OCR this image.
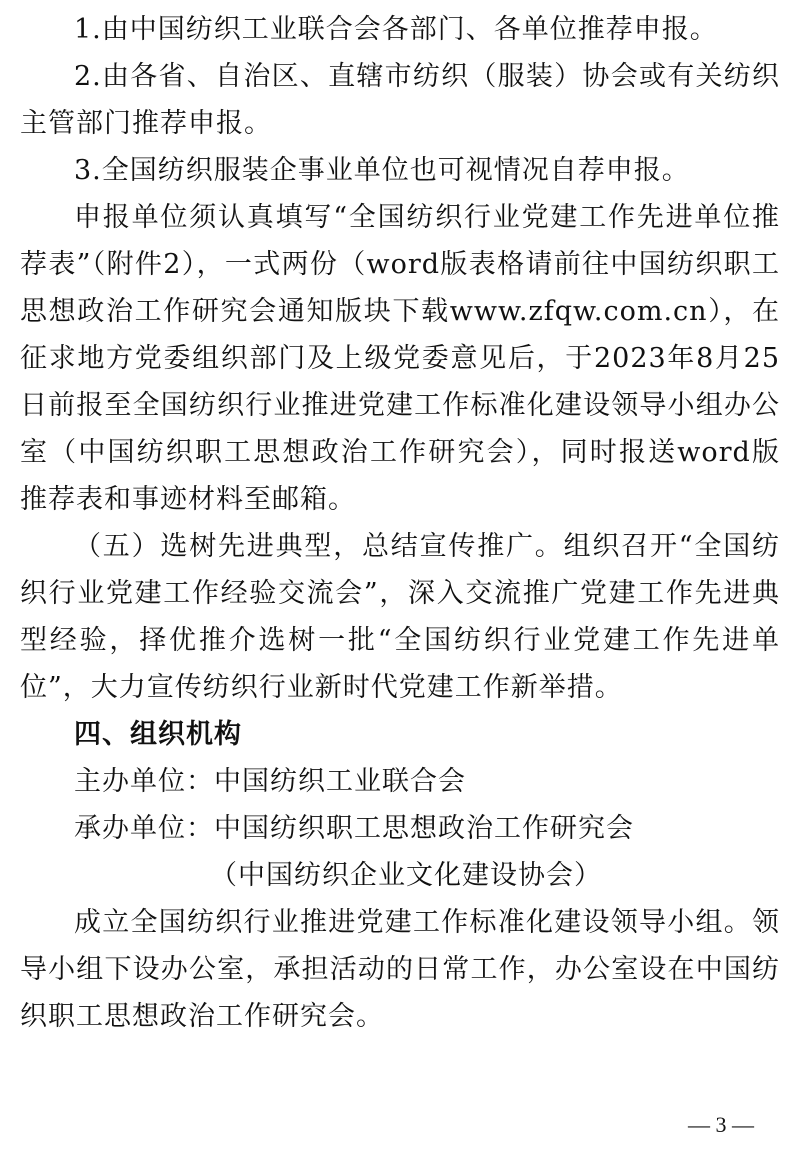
1.由中国纺织工业联合会各部门、各单位推荐申报。

2.由各省、自治区、直辖市纺织（服装）协会或有关纺织主管部门推荐申报。

3.全国纺织服装企事业单位也可视情况自荐申报。

申报单位须认真填写“全国纺织行业党建工作先进单位推荐表”（附件2），一式两份（word版表格请前往中国纺织职工思想政治工作研究会通知版块下载www.zfqw.com.cn），在征求地方党委组织部门及上级党委意见后，于2023年8月25日前报至全国纺织行业推进党建工作标准化建设领导小组办公室（中国纺织职工思想政治工作研究会），同时报送word版推荐表和事迹材料至邮箱。

（五）选树先进典型，总结宣传推广。组织召开“全国纺织行业党建工作经验交流会”，深入交流推广党建工作先进典型经验，择优推介选树一批“全国纺织行业党建工作先进单位”，大力宣传纺织行业新时代党建工作新举措。

四、组织机构

主办单位：中国纺织工业联合会

承办单位：中国纺织职工思想政治工作研究会

（中国纺织企业文化建设协会）

成立全国纺织行业推进党建工作标准化建设领导小组。领导小组下设办公室，承担活动的日常工作，办公室设在中国纺织职工思想政治工作研究会。

— 3 —
